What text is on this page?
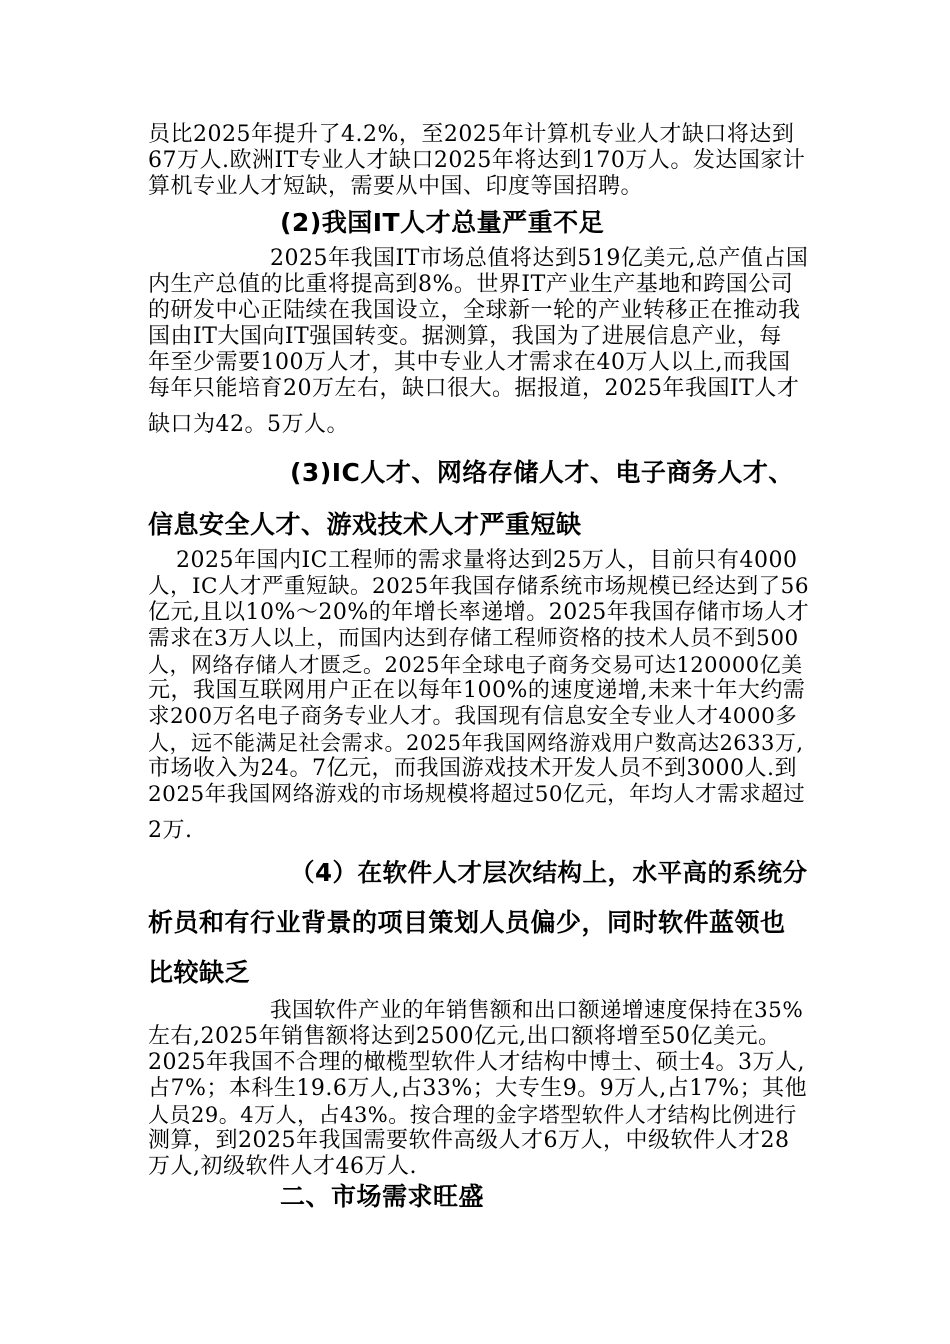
员比2025年提升了4.2%，至2025年计算机专业人才缺口将达到
67万人.欧洲IT专业人才缺口2025年将达到170万人。发达国家计
算机专业人才短缺，需要从中国、印度等国招聘。
(2)我国IT人才总量严重不足
2025年我国IT市场总值将达到519亿美元,总产值占国
内生产总值的比重将提高到8%。世界IT产业生产基地和跨国公司
的研发中心正陆续在我国设立，全球新一轮的产业转移正在推动我
国由IT大国向IT强国转变。据测算，我国为了进展信息产业，每
年至少需要100万人才，其中专业人才需求在40万人以上,而我国
每年只能培育20万左右，缺口很大。据报道，2025年我国IT人才
缺口为42。5万人。
(3)IC人才、网络存储人才、电子商务人才、
信息安全人才、游戏技术人才严重短缺
2025年国内IC工程师的需求量将达到25万人，目前只有4000
人，IC人才严重短缺。2025年我国存储系统市场规模已经达到了56
亿元,且以10%～20%的年增长率递增。2025年我国存储市场人才
需求在3万人以上，而国内达到存储工程师资格的技术人员不到500
人，网络存储人才匮乏。2025年全球电子商务交易可达120000亿美
元，我国互联网用户正在以每年100%的速度递增,未来十年大约需
求200万名电子商务专业人才。我国现有信息安全专业人才4000多
人，远不能满足社会需求。2025年我国网络游戏用户数高达2633万,
市场收入为24。7亿元，而我国游戏技术开发人员不到3000人.到
2025年我国网络游戏的市场规模将超过50亿元，年均人才需求超过
2万.
（4）在软件人才层次结构上，水平高的系统分
析员和有行业背景的项目策划人员偏少，同时软件蓝领也
比较缺乏
我国软件产业的年销售额和出口额递增速度保持在35%
左右,2025年销售额将达到2500亿元,出口额将增至50亿美元。
2025年我国不合理的橄榄型软件人才结构中博士、硕士4。3万人,
占7%；本科生19.6万人,占33%；大专生9。9万人,占17%；其他
人员29。4万人，占43%。按合理的金字塔型软件人才结构比例进行
测算，到2025年我国需要软件高级人才6万人，中级软件人才28
万人,初级软件人才46万人.
二、市场需求旺盛
